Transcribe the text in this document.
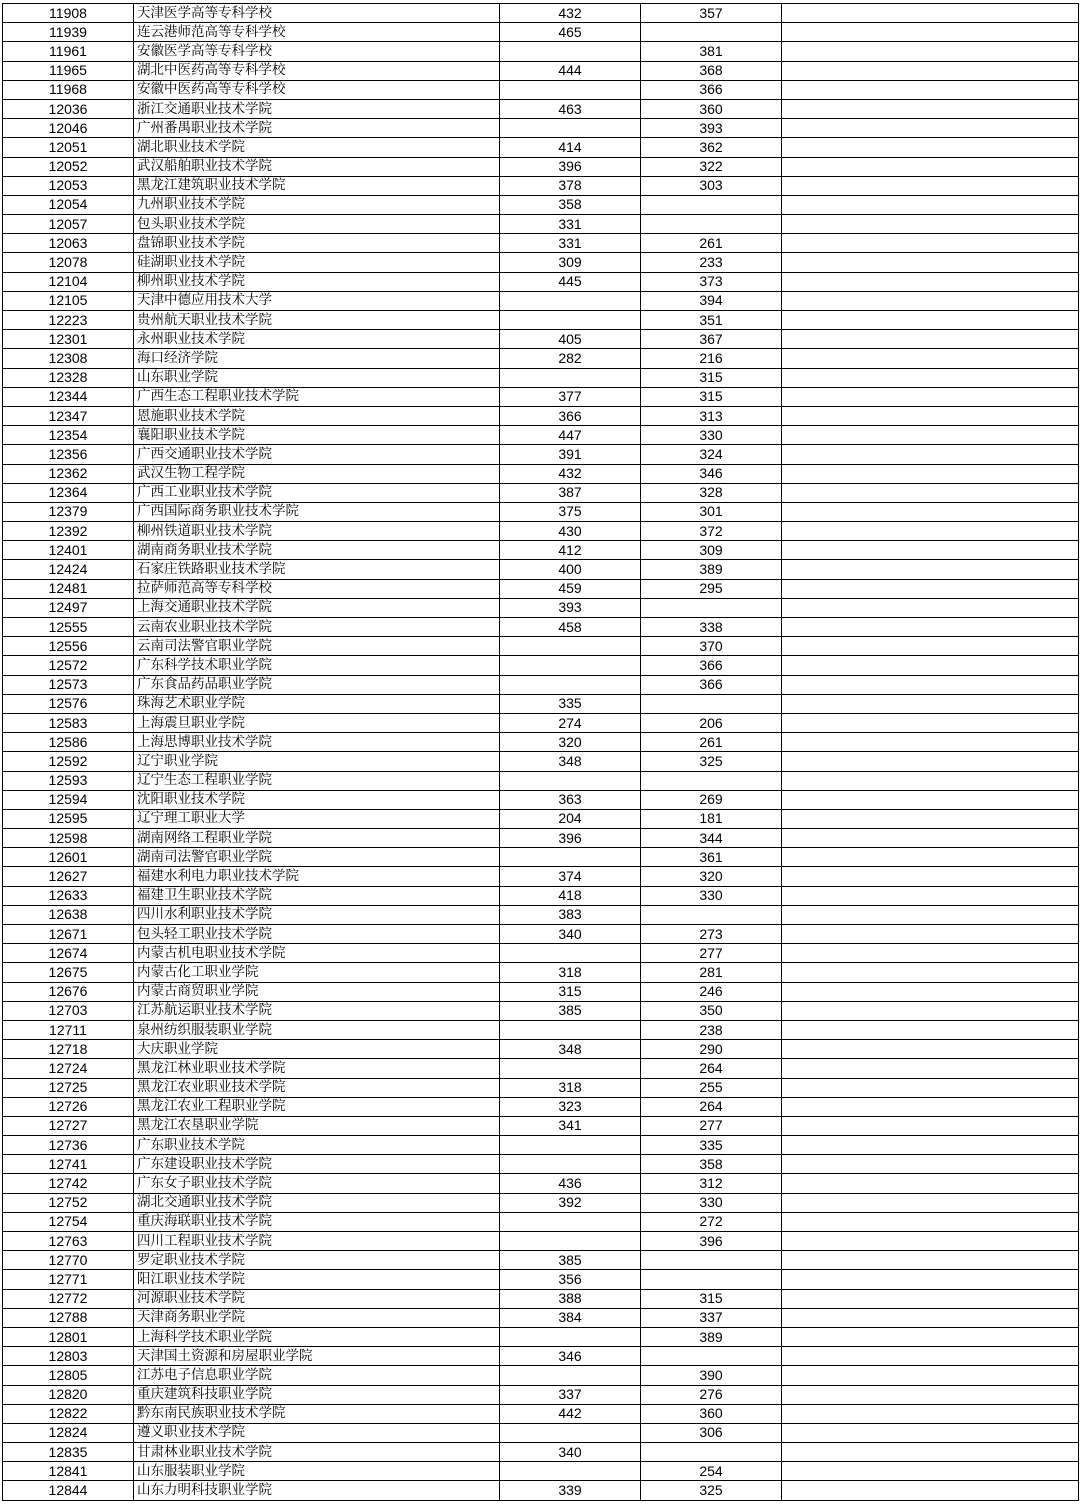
11908	天津医学高等专科学校	432	357	
11939	连云港师范高等专科学校	465		
11961	安徽医学高等专科学校		381	
11965	湖北中医药高等专科学校	444	368	
11968	安徽中医药高等专科学校		366	
12036	浙江交通职业技术学院	463	360	
12046	广州番禺职业技术学院		393	
12051	湖北职业技术学院	414	362	
12052	武汉船舶职业技术学院	396	322	
12053	黑龙江建筑职业技术学院	378	303	
12054	九州职业技术学院	358		
12057	包头职业技术学院	331		
12063	盘锦职业技术学院	331	261	
12078	硅湖职业技术学院	309	233	
12104	柳州职业技术学院	445	373	
12105	天津中德应用技术大学		394	
12223	贵州航天职业技术学院		351	
12301	永州职业技术学院	405	367	
12308	海口经济学院	282	216	
12328	山东职业学院		315	
12344	广西生态工程职业技术学院	377	315	
12347	恩施职业技术学院	366	313	
12354	襄阳职业技术学院	447	330	
12356	广西交通职业技术学院	391	324	
12362	武汉生物工程学院	432	346	
12364	广西工业职业技术学院	387	328	
12379	广西国际商务职业技术学院	375	301	
12392	柳州铁道职业技术学院	430	372	
12401	湖南商务职业技术学院	412	309	
12424	石家庄铁路职业技术学院	400	389	
12481	拉萨师范高等专科学校	459	295	
12497	上海交通职业技术学院	393		
12555	云南农业职业技术学院	458	338	
12556	云南司法警官职业学院		370	
12572	广东科学技术职业学院		366	
12573	广东食品药品职业学院		366	
12576	珠海艺术职业学院	335		
12583	上海震旦职业学院	274	206	
12586	上海思博职业技术学院	320	261	
12592	辽宁职业学院	348	325	
12593	辽宁生态工程职业学院			
12594	沈阳职业技术学院	363	269	
12595	辽宁理工职业大学	204	181	
12598	湖南网络工程职业学院	396	344	
12601	湖南司法警官职业学院		361	
12627	福建水利电力职业技术学院	374	320	
12633	福建卫生职业技术学院	418	330	
12638	四川水利职业技术学院	383		
12671	包头轻工职业技术学院	340	273	
12674	内蒙古机电职业技术学院		277	
12675	内蒙古化工职业学院	318	281	
12676	内蒙古商贸职业学院	315	246	
12703	江苏航运职业技术学院	385	350	
12711	泉州纺织服装职业学院		238	
12718	大庆职业学院	348	290	
12724	黑龙江林业职业技术学院		264	
12725	黑龙江农业职业技术学院	318	255	
12726	黑龙江农业工程职业学院	323	264	
12727	黑龙江农垦职业学院	341	277	
12736	广东职业技术学院		335	
12741	广东建设职业技术学院		358	
12742	广东女子职业技术学院	436	312	
12752	湖北交通职业技术学院	392	330	
12754	重庆海联职业技术学院		272	
12763	四川工程职业技术学院		396	
12770	罗定职业技术学院	385		
12771	阳江职业技术学院	356		
12772	河源职业技术学院	388	315	
12788	天津商务职业学院	384	337	
12801	上海科学技术职业学院		389	
12803	天津国土资源和房屋职业学院	346		
12805	江苏电子信息职业学院		390	
12820	重庆建筑科技职业学院	337	276	
12822	黔东南民族职业技术学院	442	360	
12824	遵义职业技术学院		306	
12835	甘肃林业职业技术学院	340		
12841	山东服装职业学院		254	
12844	山东力明科技职业学院	339	325	
